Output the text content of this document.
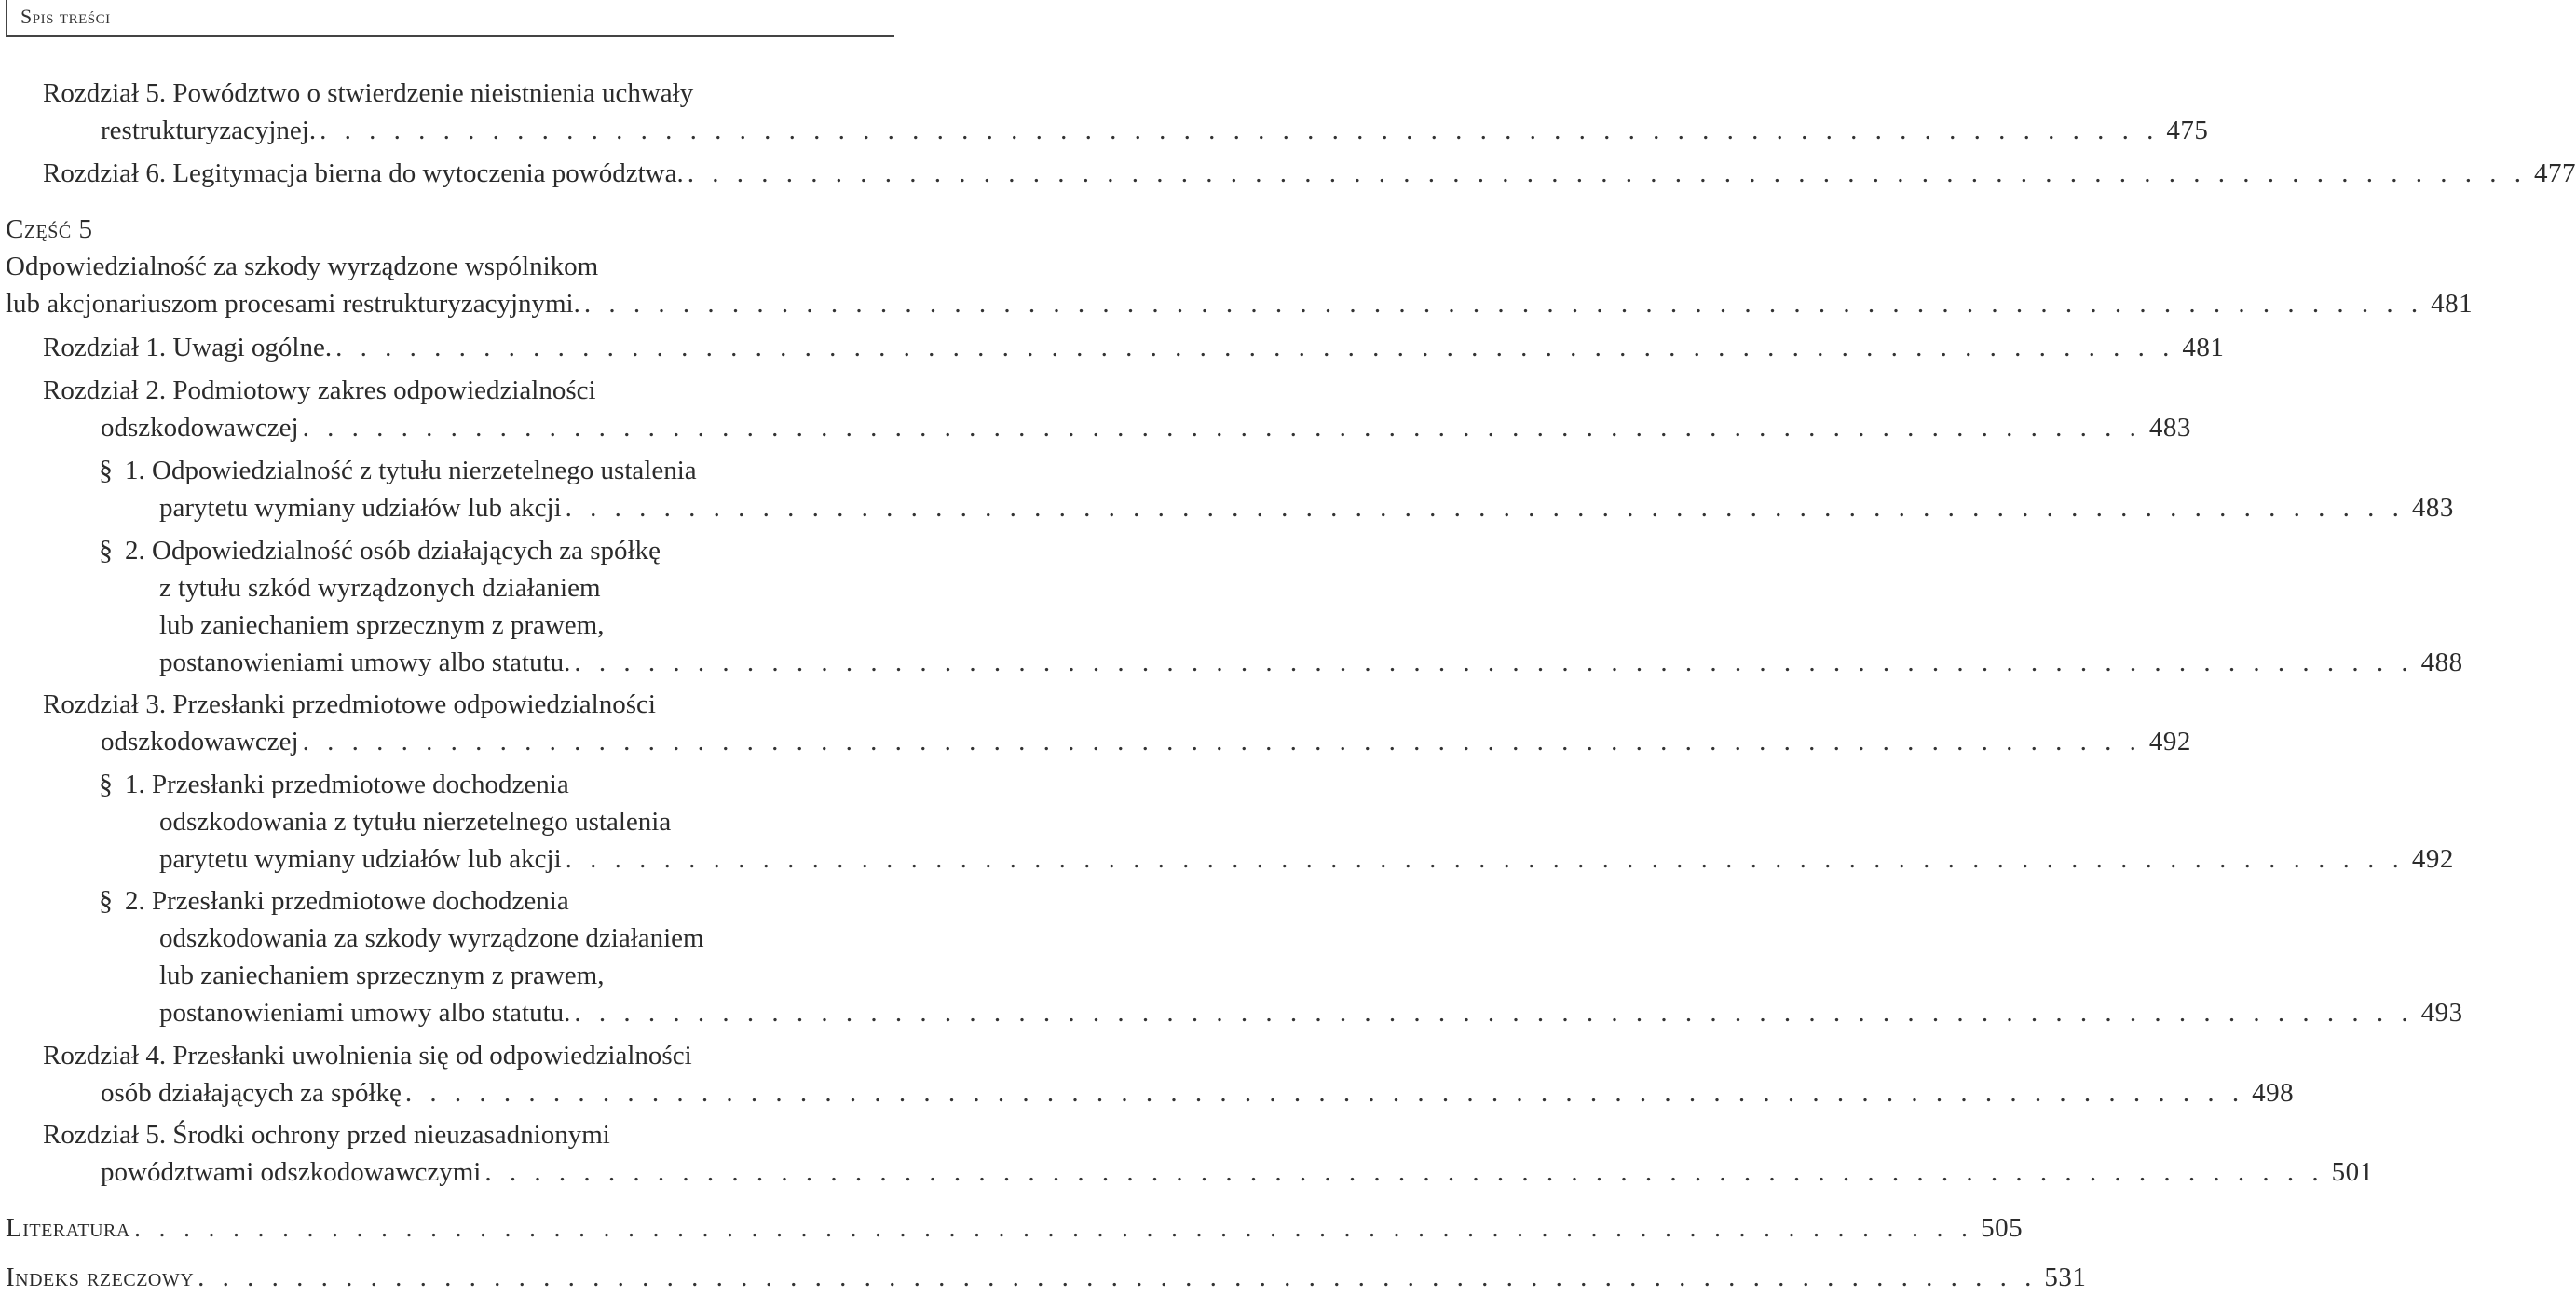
Spis treści
Rozdział 5. Powództwo o stwierdzenie nieistnienia uchwały
restrukturyzacyjnej. . . . . . . . . . . . . . . . . . . . . . . . . . . . . . . . . . . . . . . . . . . . . . . . . . . . . . . . . . . . . . . . . . . . . . . . . . . . 475
Rozdział 6. Legitymacja bierna do wytoczenia powództwa. . . . . . . . . . . . . . . . . . . . . . . . . . . . . . . . . . . . . . . . . . . . . . . . . . . . . . . . . . . . . . . . . . . . . . . . . . . . 477
Część 5
Odpowiedzialność za szkody wyrządzone wspólnikom
lub akcjonariuszom procesami restrukturyzacyjnymi. . . . . . . . . . . . . . . . . . . . . . . . . . . . . . . . . . . . . . . . . . . . . . . . . . . . . . . . . . . . . . . . . . . . . . . . . . . . 481
Rozdział 1. Uwagi ogólne. . . . . . . . . . . . . . . . . . . . . . . . . . . . . . . . . . . . . . . . . . . . . . . . . . . . . . . . . . . . . . . . . . . . . . . . . . . . 481
Rozdział 2. Podmiotowy zakres odpowiedzialności
odszkodowawczej . . . . . . . . . . . . . . . . . . . . . . . . . . . . . . . . . . . . . . . . . . . . . . . . . . . . . . . . . . . . . . . . . . . . . . . . . . . 483
§ 1. Odpowiedzialność z tytułu nierzetelnego ustalenia
parytetu wymiany udziałów lub akcji . . . . . . . . . . . . . . . . . . . . . . . . . . . . . . . . . . . . . . . . . . . . . . . . . . . . . . . . . . . . . . . . . . . . . . . . . . . 483
§ 2. Odpowiedzialność osób działających za spółkę
z tytułu szkód wyrządzonych działaniem
lub zaniechaniem sprzecznym z prawem,
postanowieniami umowy albo statutu. . . . . . . . . . . . . . . . . . . . . . . . . . . . . . . . . . . . . . . . . . . . . . . . . . . . . . . . . . . . . . . . . . . . . . . . . . . . 488
Rozdział 3. Przesłanki przedmiotowe odpowiedzialności
odszkodowawczej . . . . . . . . . . . . . . . . . . . . . . . . . . . . . . . . . . . . . . . . . . . . . . . . . . . . . . . . . . . . . . . . . . . . . . . . . . . 492
§ 1. Przesłanki przedmiotowe dochodzenia
odszkodowania z tytułu nierzetelnego ustalenia
parytetu wymiany udziałów lub akcji . . . . . . . . . . . . . . . . . . . . . . . . . . . . . . . . . . . . . . . . . . . . . . . . . . . . . . . . . . . . . . . . . . . . . . . . . . . 492
§ 2. Przesłanki przedmiotowe dochodzenia
odszkodowania za szkody wyrządzone działaniem
lub zaniechaniem sprzecznym z prawem,
postanowieniami umowy albo statutu. . . . . . . . . . . . . . . . . . . . . . . . . . . . . . . . . . . . . . . . . . . . . . . . . . . . . . . . . . . . . . . . . . . . . . . . . . . . 493
Rozdział 4. Przesłanki uwolnienia się od odpowiedzialności
osób działających za spółkę . . . . . . . . . . . . . . . . . . . . . . . . . . . . . . . . . . . . . . . . . . . . . . . . . . . . . . . . . . . . . . . . . . . . . . . . . . . 498
Rozdział 5. Środki ochrony przed nieuzasadnionymi
powództwami odszkodowawczymi . . . . . . . . . . . . . . . . . . . . . . . . . . . . . . . . . . . . . . . . . . . . . . . . . . . . . . . . . . . . . . . . . . . . . . . . . . . 501
Literatura . . . . . . . . . . . . . . . . . . . . . . . . . . . . . . . . . . . . . . . . . . . . . . . . . . . . . . . . . . . . . . . . . . . . . . . . . . . 505
Indeks rzeczowy . . . . . . . . . . . . . . . . . . . . . . . . . . . . . . . . . . . . . . . . . . . . . . . . . . . . . . . . . . . . . . . . . . . . . . . . . . . 531
